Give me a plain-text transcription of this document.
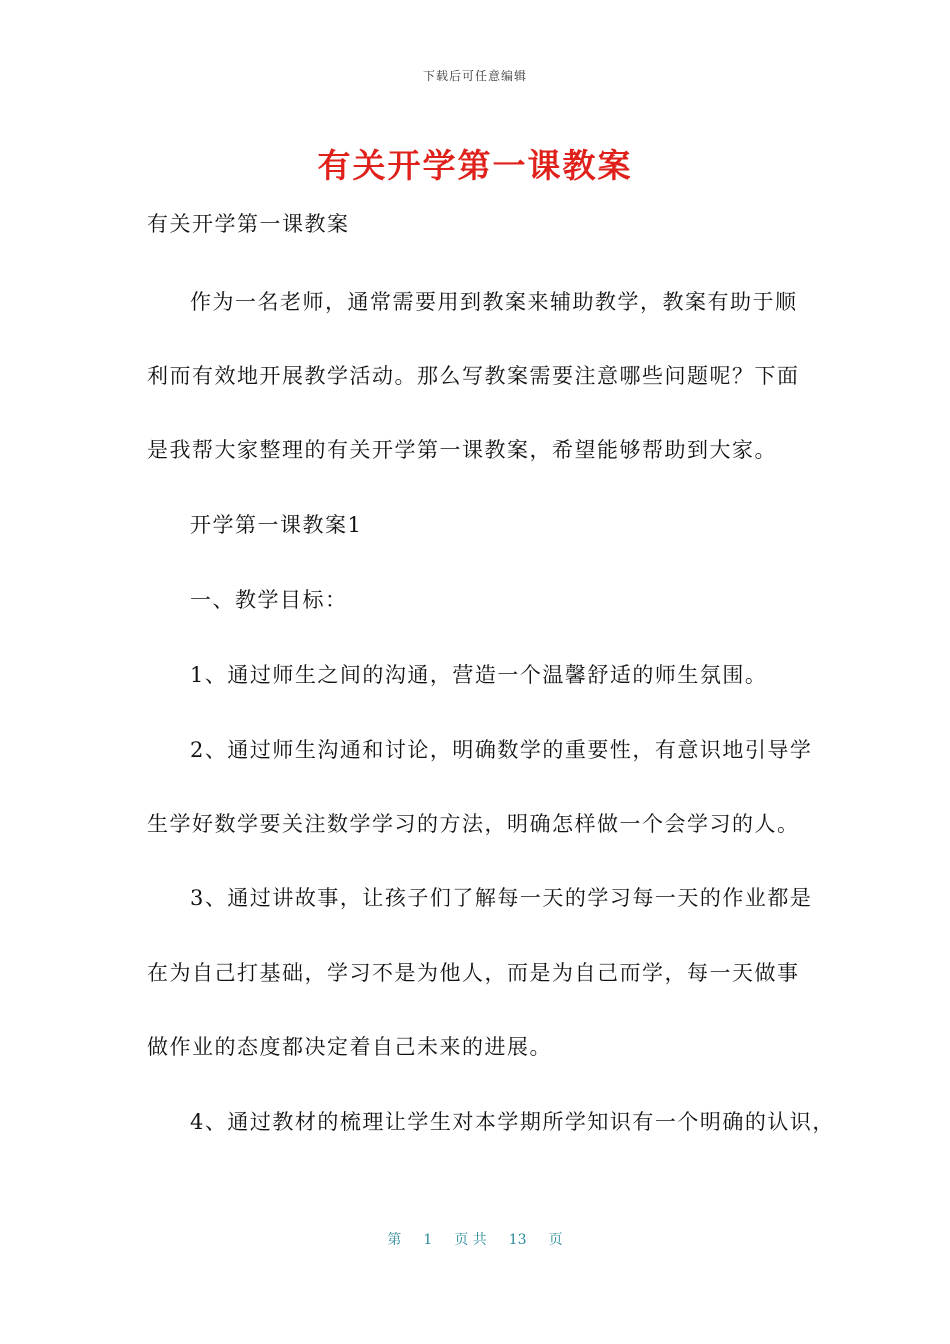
下载后可任意编辑
有关开学第一课教案
有关开学第一课教案
作为一名老师，通常需要用到教案来辅助教学，教案有助于顺
利而有效地开展教学活动。那么写教案需要注意哪些问题呢？下面
是我帮大家整理的有关开学第一课教案，希望能够帮助到大家。
开学第一课教案1
一、教学目标：
1、通过师生之间的沟通，营造一个温馨舒适的师生氛围。
2、通过师生沟通和讨论，明确数学的重要性，有意识地引导学
生学好数学要关注数学学习的方法，明确怎样做一个会学习的人。
3、通过讲故事，让孩子们了解每一天的学习每一天的作业都是
在为自己打基础，学习不是为他人，而是为自己而学，每一天做事
做作业的态度都决定着自己未来的进展。
4、通过教材的梳理让学生对本学期所学知识有一个明确的认识，
第 1 页 共 13 页
